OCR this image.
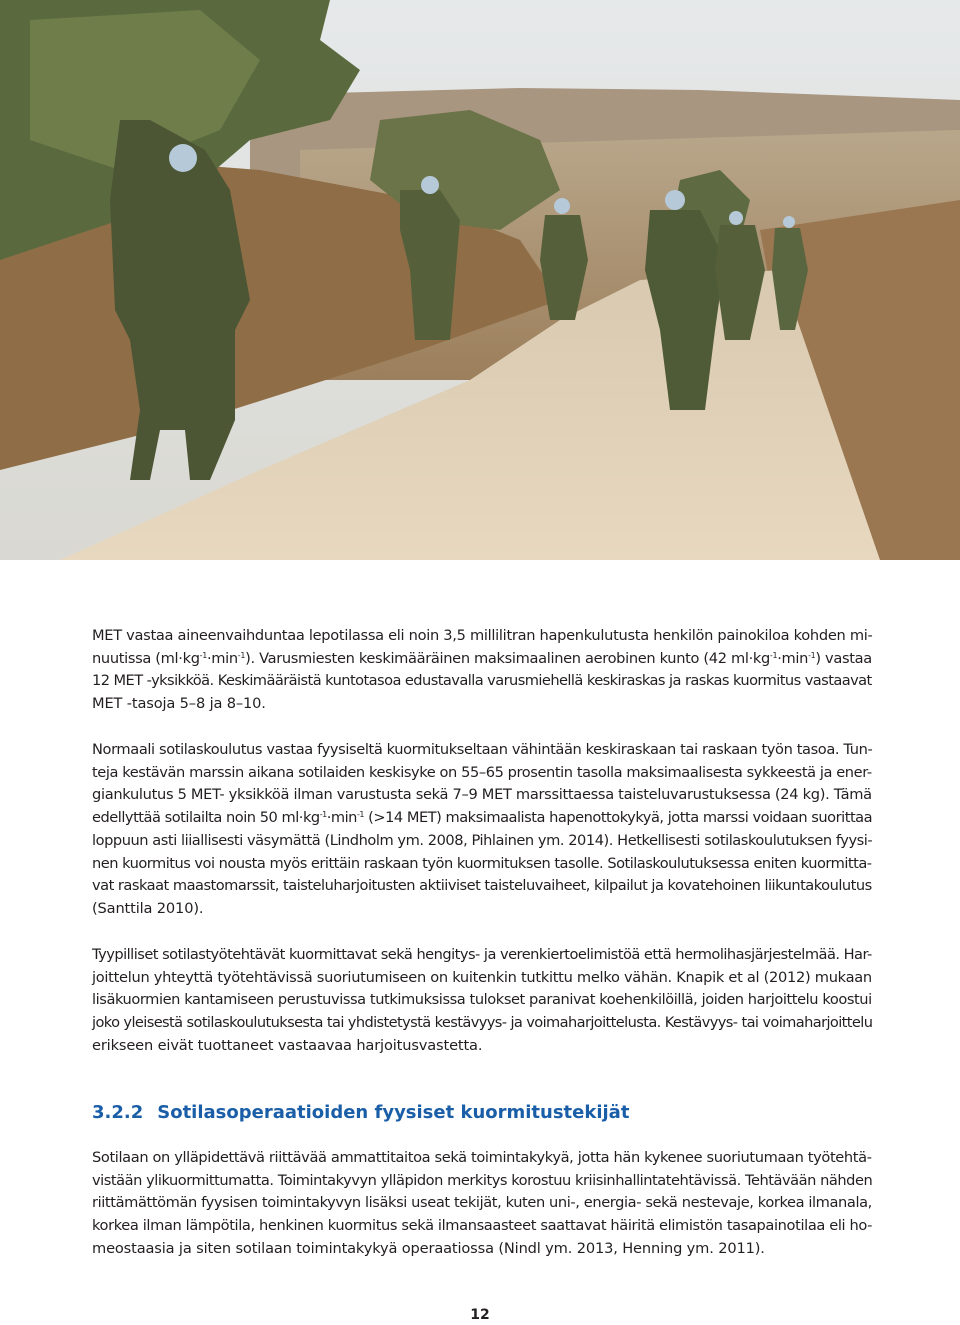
MET vastaa aineenvaihduntaa lepotilassa eli noin 3,5 millilitran hapenkulutusta henkilön painokiloa kohden mi-
nuutissa $(ml\cdot kg^{-1}\cdot\min^{-1})$. Varusmiesten keskimääräinen maksimaalinen aerobinen kunto (42 $ml\cdot kg^{-1}\cdot\min^{-1}$) vastaa
12 MET -yksikköä. Keskimääräistä kuntotasoa edustavalla varusmiehellä keskiraskas ja raskas kuormitus vastaavat
MET -tasoja 5–8 ja 8–10.
Normaali sotilaskoulutus vastaa fyysiseltä kuormitukseltaan vähintään keskiraskaan tai raskaan työn tasoa. Tun-
teja kestävän marssin aikana sotilaiden keskisyke on 55–65 prosentin tasolla maksimaalisesta sykkeestä ja ener-
giankulutus 5 MET- yksikköä ilman varustusta sekä 7–9 MET marssittaessa taisteluvarustuksessa (24 kg). Tämä
edellyttää sotilailta noin 50 $ml\cdot kg^{-1}\cdot\min^{-1}$ (>14 MET) maksimaalista hapenottokykyä, jotta marssi voidaan suorittaa
loppuun asti liiallisesti väsymättä (Lindholm ym. 2008, Pihlainen ym. 2014). Hetkellisesti sotilaskoulutuksen fyysi-
nen kuormitus voi nousta myös erittäin raskaan työn kuormituksen tasolle. Sotilaskoulutuksessa eniten kuormitta-
vat raskaat maastomarssit, taisteluharjoitusten aktiiviset taisteluvaiheet, kilpailut ja kovatehoinen liikuntakoulutus
(Santtila 2010).
Tyypilliset sotilastyötehtävät kuormittavat sekä hengitys- ja verenkiertoelimistöä että hermolihasjärjestelmää. Har-
joittelun yhteyttä työtehtävissä suoriutumiseen on kuitenkin tutkittu melko vähän. Knapik et al (2012) mukaan
lisäkuormien kantamiseen perustuvissa tutkimuksissa tulokset paranivat koehenkilöillä, joiden harjoittelu koostui
joko yleisestä sotilaskoulutuksesta tai yhdistetystä kestävyys- ja voimaharjoittelusta. Kestävyys- tai voimaharjoittelu
erikseen eivät tuottaneet vastaavaa harjoitusvastetta.
3.2.2 Sotilasoperaatioiden fyysiset kuormitustekijät
Sotilaan on ylläpidettävä riittävää ammattitaitoa sekä toimintakykyä, jotta hän kykenee suoriutumaan työtehtä-
vistään ylikuormittumatta. Toimintakyvyn ylläpidon merkitys korostuu kriisinhallintatehtävissä. Tehtävään nähden
riittämättömän fyysisen toimintakyvyn lisäksi useat tekijät, kuten uni-, energia- sekä nestevaje, korkea ilmanala,
korkea ilman lämpötila, henkinen kuormitus sekä ilmansaasteet saattavat häiritä elimistön tasapainotilaa eli ho-
meostaasia ja siten sotilaan toimintakykyä operaatiossa (Nindl ym. 2013, Henning ym. 2011).
12
